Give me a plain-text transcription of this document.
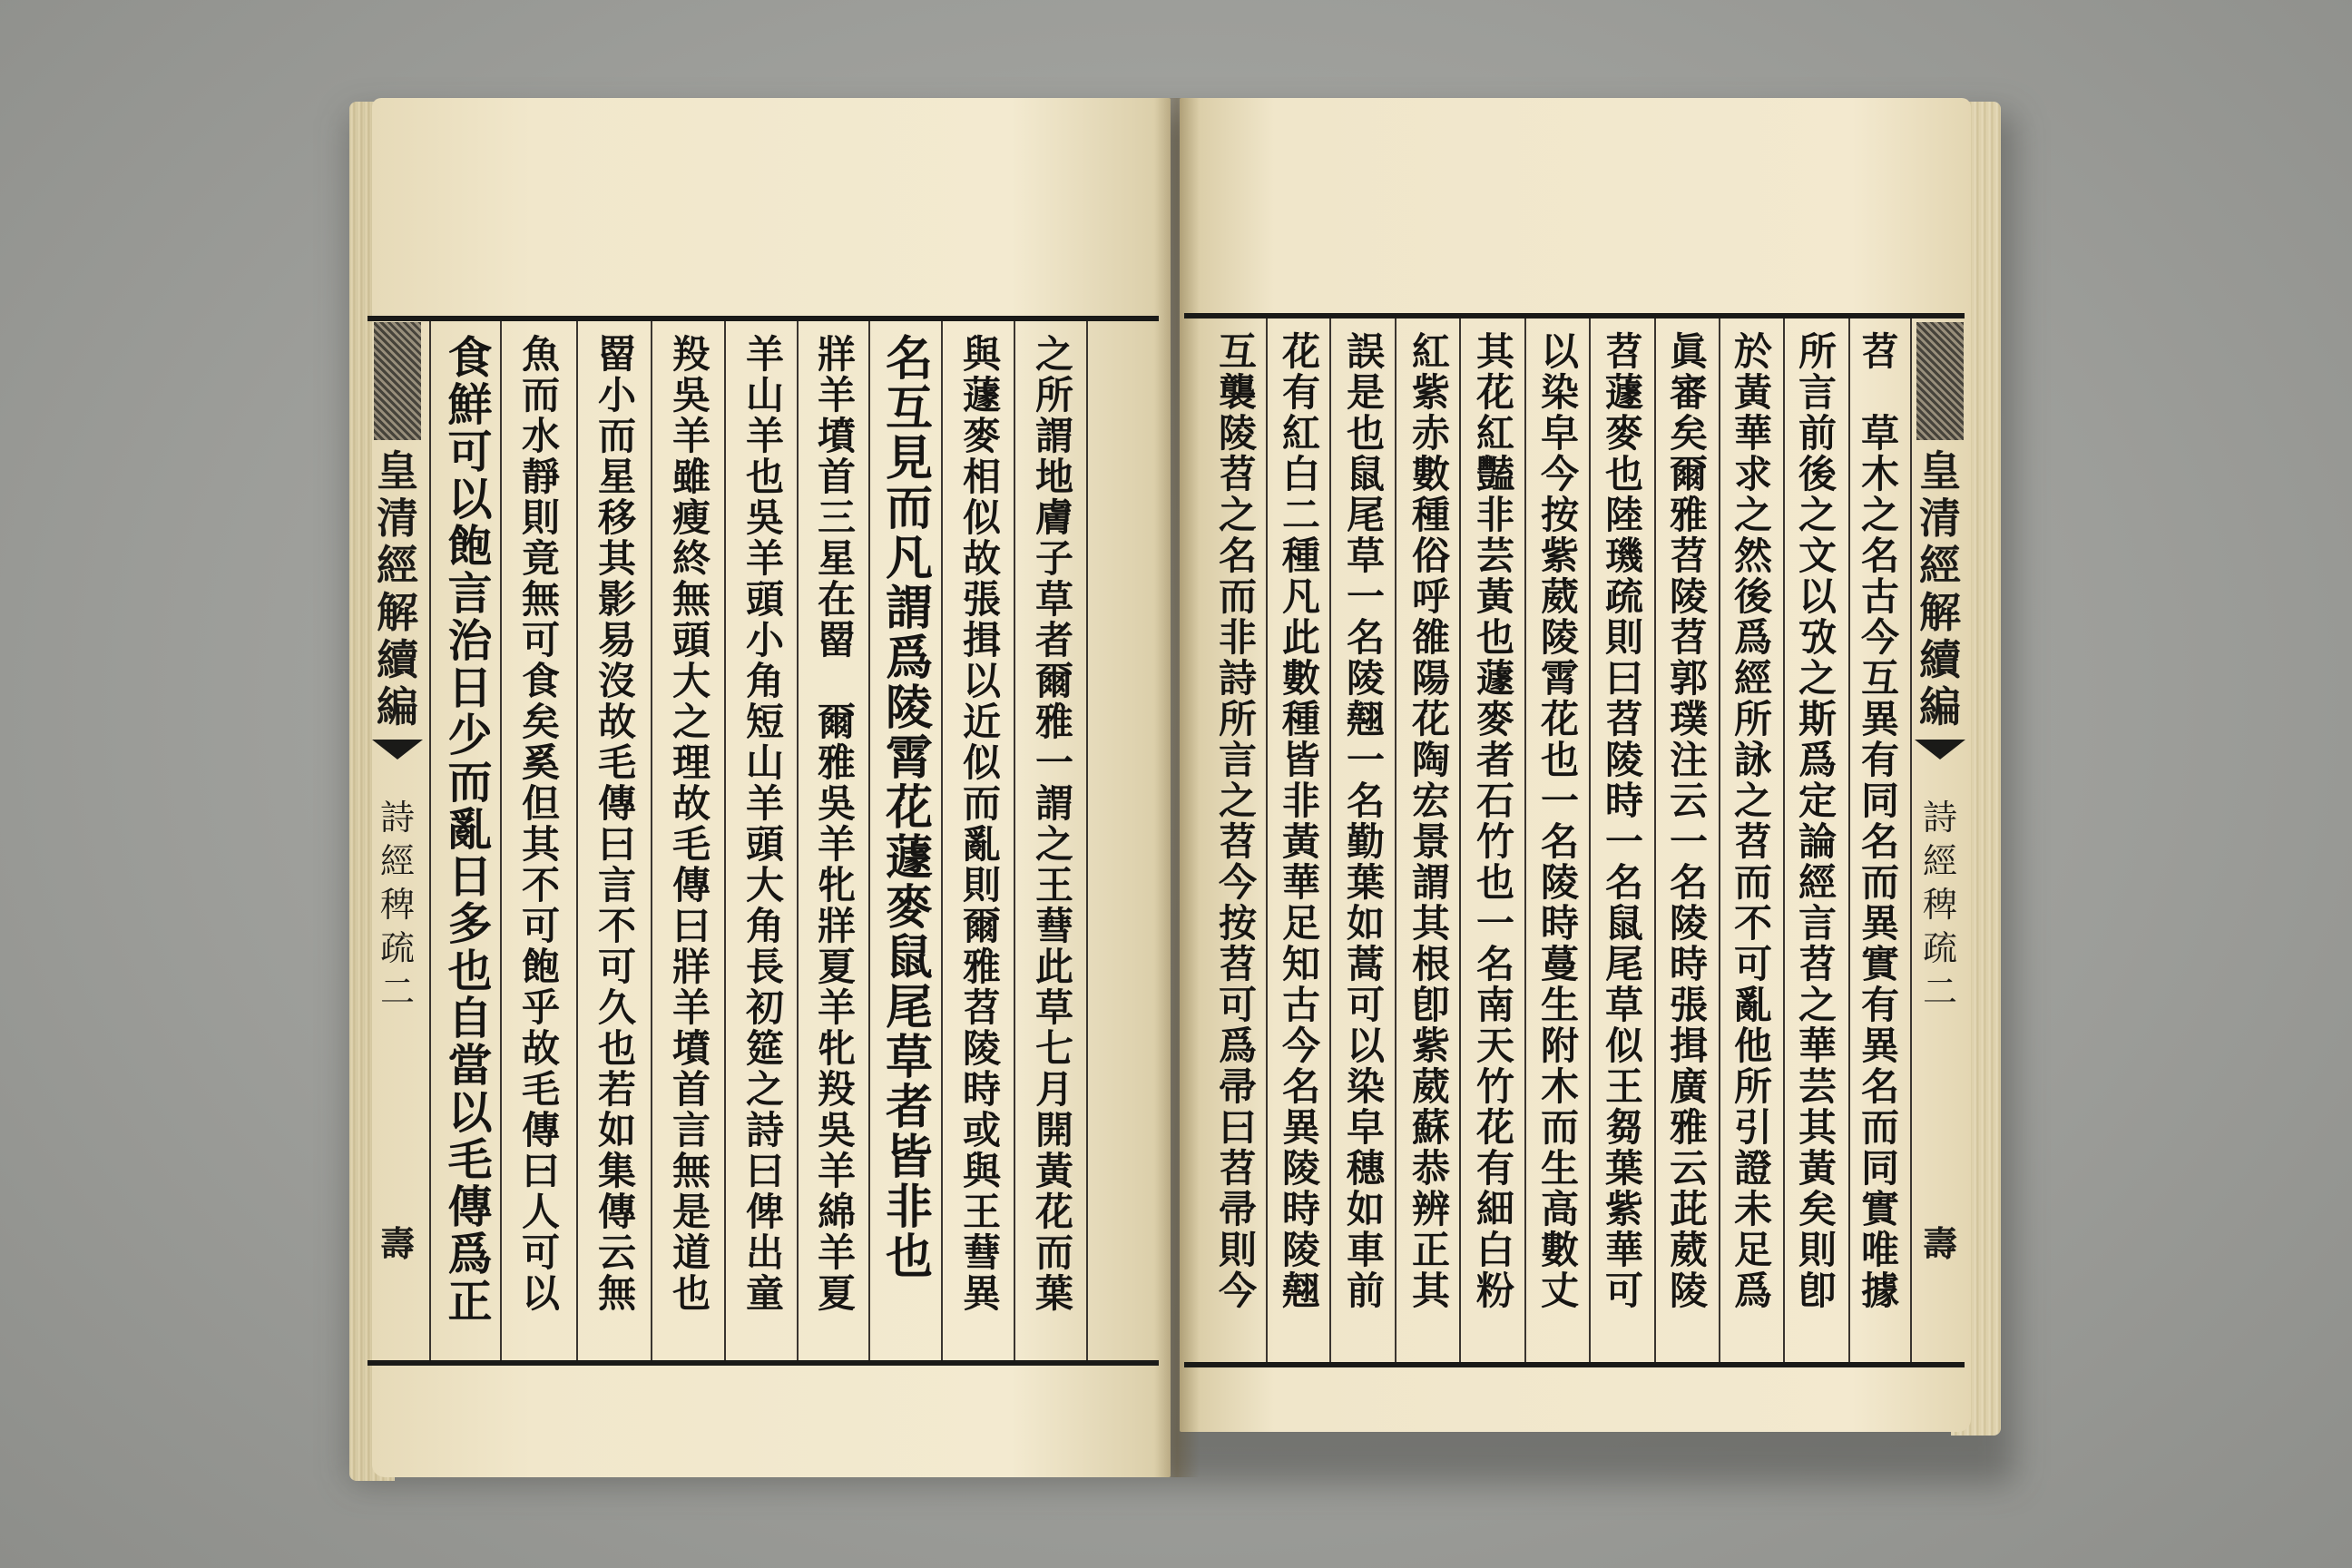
之
所
謂
地
膚
子
草
者
爾
雅
一
謂
之
王
蔧
此
草
七
月
開
黃
花
而
葉
與
蘧
麥
相
似
故
張
揖
以
近
似
而
亂
則
爾
雅
苕
陵
時
或
與
王
蔧
異
名
互
見
而
凡
謂
爲
陵
霄
花
蘧
麥
鼠
尾
草
者
皆
非
也
牂
羊
墳
首
三
星
在
罶

爾
雅
吳
羊
牝
牂
夏
羊
牝
羖
吳
羊
綿
羊
夏
羊
山
羊
也
吳
羊
頭
小
角
短
山
羊
頭
大
角
長
初
筵
之
詩
曰
俾
出
童
羖
吳
羊
雖
瘦
終
無
頭
大
之
理
故
毛
傳
曰
牂
羊
墳
首
言
無
是
道
也
罶
小
而
星
移
其
影
易
沒
故
毛
傳
曰
言
不
可
久
也
若
如
集
傳
云
無
魚
而
水
靜
則
竟
無
可
食
矣
奚
但
其
不
可
飽
乎
故
毛
傳
曰
人
可
以
食
鮮
可
以
飽
言
治
日
少
而
亂
日
多
也
自
當
以
毛
傳
爲
正
皇
清
經
解
續
編
詩
經
稗
疏
二
壽
苕

草
木
之
名
古
今
互
異
有
同
名
而
異
實
有
異
名
而
同
實
唯
據
所
言
前
後
之
文
以
攷
之
斯
爲
定
論
經
言
苕
之
華
芸
其
黃
矣
則
卽
於
黃
華
求
之
然
後
爲
經
所
詠
之
苕
而
不
可
亂
他
所
引
證
未
足
爲
眞
審
矣
爾
雅
苕
陵
苕
郭
璞
注
云
一
名
陵
時
張
揖
廣
雅
云
茈
葳
陵
苕
蘧
麥
也
陸
璣
疏
則
曰
苕
陵
時
一
名
鼠
尾
草
似
王
芻
葉
紫
華
可
以
染
皁
今
按
紫
葳
陵
霄
花
也
一
名
陵
時
蔓
生
附
木
而
生
高
數
丈
其
花
紅
豔
非
芸
黃
也
蘧
麥
者
石
竹
也
一
名
南
天
竹
花
有
細
白
粉
紅
紫
赤
數
種
俗
呼
雒
陽
花
陶
宏
景
謂
其
根
卽
紫
葳
蘇
恭
辨
正
其
誤
是
也
鼠
尾
草
一
名
陵
翹
一
名
勤
葉
如
蒿
可
以
染
皁
穗
如
車
前
花
有
紅
白
二
種
凡
此
數
種
皆
非
黃
華
足
知
古
今
名
異
陵
時
陵
翹
互
襲
陵
苕
之
名
而
非
詩
所
言
之
苕
今
按
苕
可
爲
帚
曰
苕
帚
則
今
皇
清
經
解
續
編
詩
經
稗
疏
二
壽
